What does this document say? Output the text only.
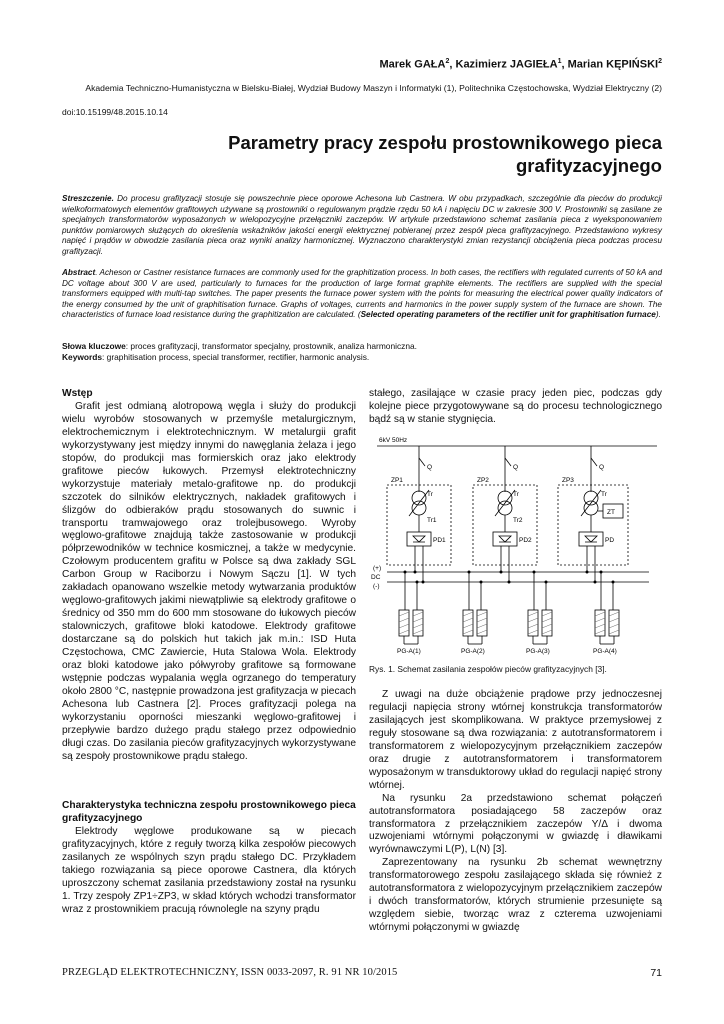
Marek GAŁA$^2$, Kazimierz JAGIEŁA$^1$, Marian KĘPIŃSKI$^2$
Akademia Techniczno-Humanistyczna w Bielsku-Białej, Wydział Budowy Maszyn i Informatyki (1), Politechnika Częstochowska, Wydział Elektryczny (2)
doi:10.15199/48.2015.10.14
Parametry pracy zespołu prostownikowego pieca
grafityzacyjnego
Streszczenie. Do procesu grafityzacji stosuje się powszechnie piece oporowe Achesona lub Castnera. W obu przypadkach, szczególnie dla pieców do produkcji wielkoformatowych elementów grafitowych używane są prostowniki o regulowanym prądzie rzędu 50 kA i napięciu DC w zakresie 300 V. Prostowniki są zasilane ze specjalnych transformatorów wyposażonych w wielopozycyjne przełączniki zaczepów. W artykule przedstawiono schemat zasilania pieca z wyeksponowaniem punktów pomiarowych służących do określenia wskaźników jakości energii elektrycznej pobieranej przez zespół pieca grafityzacyjnego. Przedstawiono wykresy napięć i prądów w obwodzie zasilania pieca oraz wyniki analizy harmonicznej. Wyznaczono charakterystyki zmian rezystancji obciążenia pieca podczas procesu grafityzacji.
Abstract. Acheson or Castner resistance furnaces are commonly used for the graphitization process. In both cases, the rectifiers with regulated currents of 50 kA and DC voltage about 300 V are used, particularly to furnaces for the production of large format graphite elements. The rectifiers are supplied with the special transformers equipped with multi-tap switches. The paper presents the furnace power system with the points for measuring the electrical power quality indicators of the energy consumed by the unit of graphitisation furnace. Graphs of voltages, currents and harmonics in the power supply system of the furnace are shown. The characteristics of furnace load resistance during the graphitization are calculated. (Selected operating parameters of the rectifier unit for graphitisation furnace).
Słowa kluczowe: proces grafityzacji, transformator specjalny, prostownik, analiza harmoniczna.
Keywords: graphitisation process, special transformer, rectifier, harmonic analysis.
Wstęp

Grafit jest odmianą alotropową węgla i służy do produkcji wielu wyrobów stosowanych w przemyśle metalurgicznym, elektrochemicznym i elektrotechnicznym. W metalurgii grafit wykorzystywany jest między innymi do nawęglania żelaza i jego stopów, do produkcji mas formierskich oraz jako elektrody grafitowe pieców łukowych. Przemysł elektrotechniczny wykorzystuje materiały metalo-grafitowe np. do produkcji szczotek do silników elektrycznych, nakładek grafitowych i ślizgów do odbieraków prądu stosowanych do suwnic i transportu tramwajowego oraz trolejbusowego. Wyroby węglowo-grafitowe znajdują także zastosowanie w produkcji półprzewodników w technice kosmicznej, a także w medycynie. Czołowym producentem grafitu w Polsce są dwa zakłady SGL Carbon Group w Raciborzu i Nowym Sączu [1]. W tych zakładach opanowano wszelkie metody wytwarzania produktów węglowo-grafitowych jakimi niewątpliwie są elektrody grafitowe o średnicy od 350 mm do 600 mm stosowane do łukowych pieców stalowniczych, grafitowe bloki katodowe. Elektrody grafitowe dostarczane są do polskich hut takich jak m.in.: ISD Huta Częstochowa, CMC Zawiercie, Huta Stalowa Wola. Elektrody oraz bloki katodowe jako półwyroby grafitowe są formowane wstępnie podczas wypalania węgla ogrzanego do temperatury około 2800 °C, następnie prowadzona jest grafityzacja w piecach Achesona lub Castnera [2]. Proces grafityzacji polega na wykorzystaniu oporności mieszanki węglowo-grafitowej i przepływie bardzo dużego prądu stałego przez odpowiednio długi czas. Do zasilania pieców grafityzacyjnych wykorzystywane są zespoły prostownikowe prądu stałego.

Charakterystyka techniczna zespołu prostownikowego pieca grafityzacyjnego

Elektrody węglowe produkowane są w piecach grafityzacyjnych, które z reguły tworzą kilka zespołów piecowych zasilanych ze wspólnych szyn prądu stałego DC. Przykładem takiego rozwiązania są piece oporowe Castnera, dla których uproszczony schemat zasilania przedstawiony został na rysunku 1. Trzy zespoły ZP1÷ZP3, w skład których wchodzi transformator wraz z prostownikiem pracują równolegle na szyny prądu

stałego, zasilające w czasie pracy jeden piec, podczas gdy kolejne piece przygotowywane są do procesu technologicznego bądź są w stanie stygnięcia.

6kV 50Hz
ZP1	ZP2	ZP3
Q	Q	Q
Tr	Tr	Tr
Tr1	Tr2
ZT
PD1	PD2	PD
(+)
DC
(-)
PG-A(1)	PG-A(2)	PG-A(3)	PG-A(4)
Rys. 1. Schemat zasilania zespołów pieców grafityzacyjnych [3].

Z uwagi na duże obciążenie prądowe przy jednoczesnej regulacji napięcia strony wtórnej konstrukcja transformatorów zasilających jest skomplikowana. W praktyce przemysłowej z reguły stosowane są dwa rozwiązania: z autotransformatorem i transformatorem z wielopozycyjnym przełącznikiem zaczepów oraz drugie z autotransformatorem i transformatorem wyposażonym w transduktorowy układ do regulacji napięć strony wtórnej.

Na rysunku 2a przedstawiono schemat połączeń autotransformatora posiadającego 58 zaczepów oraz transformatora z przełącznikiem zaczepów Y/Δ i dwoma uzwojeniami wtórnymi połączonymi w gwiazdę i dławikami wyrównawczymi L(P), L(N) [3].

Zaprezentowany na rysunku 2b schemat wewnętrzny transformatorowego zespołu zasilającego składa się również z autotransformatora z wielopozycyjnym przełącznikiem zaczepów i dwóch transformatorów, których strumienie przesunięte są względem siebie, tworząc wraz z czterema uzwojeniami wtórnymi połączonymi w gwiazdę

PRZEGLĄD ELEKTROTECHNICZNY, ISSN 0033-2097, R. 91 NR 10/2015	71
